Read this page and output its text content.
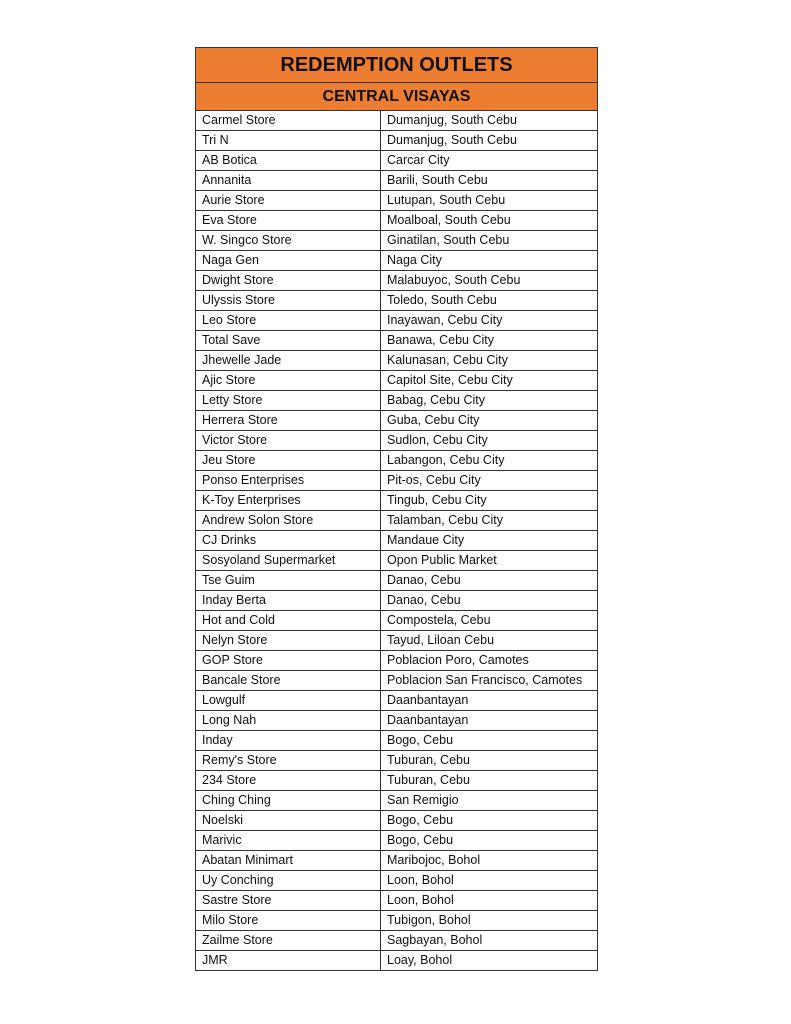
REDEMPTION OUTLETS	
CENTRAL VISAYAS	
Carmel Store	Dumanjug, South Cebu
Tri N	Dumanjug, South Cebu
AB Botica	Carcar City
Annanita	Barili, South Cebu
Aurie Store	Lutupan, South Cebu
Eva Store	Moalboal, South Cebu
W. Singco Store	Ginatilan, South Cebu
Naga Gen	Naga City
Dwight Store	Malabuyoc, South Cebu
Ulyssis Store	Toledo, South Cebu
Leo Store	Inayawan, Cebu City
Total Save	Banawa, Cebu City
Jhewelle Jade	Kalunasan, Cebu City
Ajic Store	Capitol Site, Cebu City
Letty Store	Babag, Cebu City
Herrera Store	Guba, Cebu City
Victor Store	Sudlon, Cebu City
Jeu Store	Labangon, Cebu City
Ponso Enterprises	Pit-os, Cebu City
K-Toy Enterprises	Tingub, Cebu City
Andrew Solon Store	Talamban, Cebu City
CJ Drinks	Mandaue City
Sosyoland Supermarket	Opon Public Market
Tse Guim	Danao, Cebu
Inday Berta	Danao, Cebu
Hot and Cold	Compostela, Cebu
Nelyn Store	Tayud, Liloan Cebu
GOP Store	Poblacion Poro, Camotes
Bancale Store	Poblacion San Francisco, Camotes
Lowgulf	Daanbantayan
Long Nah	Daanbantayan
Inday	Bogo, Cebu
Remy's Store	Tuburan, Cebu
234 Store	Tuburan, Cebu
Ching Ching	San Remigio
Noelski	Bogo, Cebu
Marivic	Bogo, Cebu
Abatan Minimart	Maribojoc, Bohol
Uy Conching	Loon, Bohol
Sastre Store	Loon, Bohol
Milo Store	Tubigon, Bohol
Zailme Store	Sagbayan, Bohol
JMR	Loay, Bohol
